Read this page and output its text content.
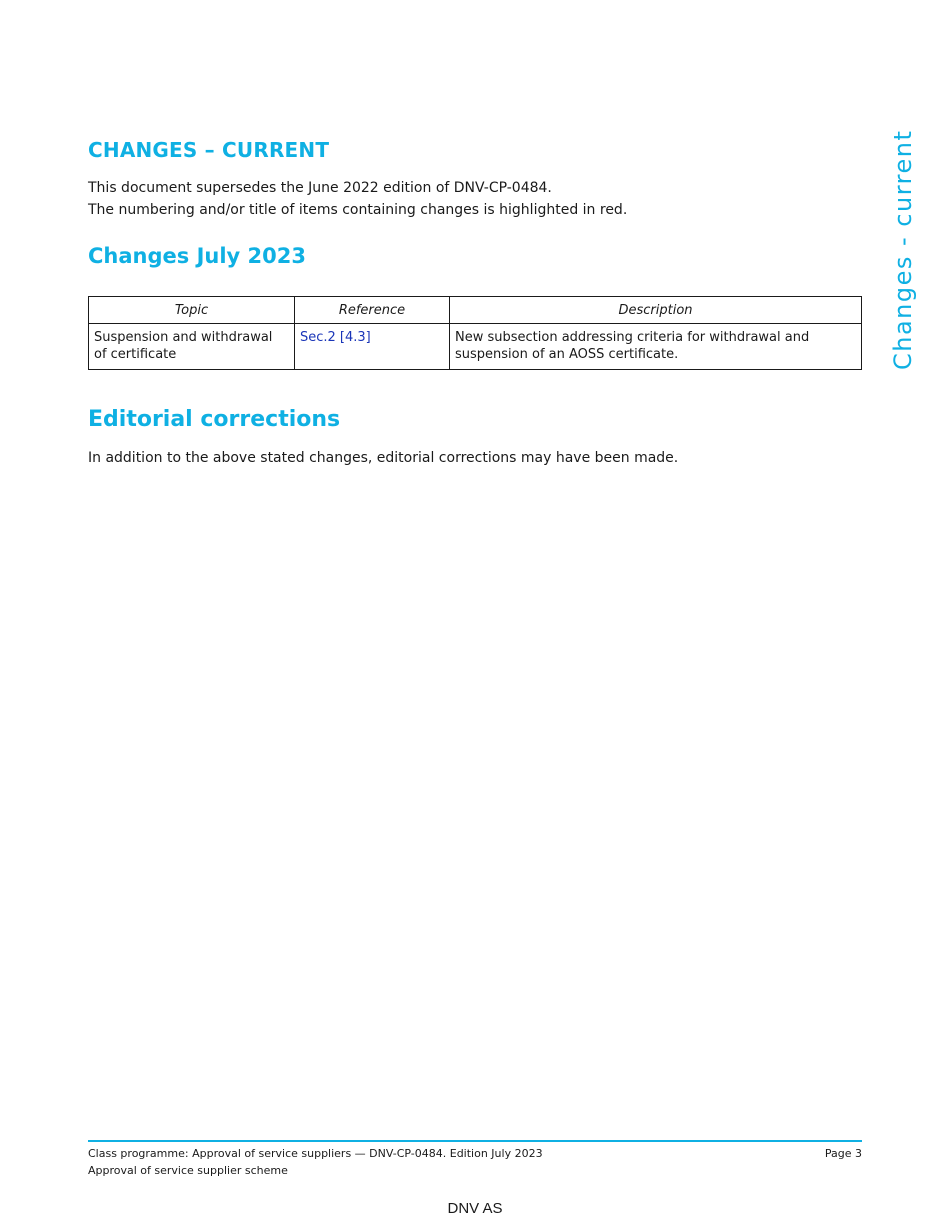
CHANGES – CURRENT

This document supersedes the June 2022 edition of DNV-CP-0484.

The numbering and/or title of items containing changes is highlighted in red.

Changes July 2023
Topic	Reference	Description
Suspension and withdrawal of certificate	Sec.2 [4.3]	New subsection addressing criteria for withdrawal and suspension of an AOSS certificate.
Editorial corrections

In addition to the above stated changes, editorial corrections may have been made.

Changes - current

Class programme: Approval of service suppliers — DNV-CP-0484. Edition July 2023

Approval of service supplier scheme

Page 3

DNV AS
